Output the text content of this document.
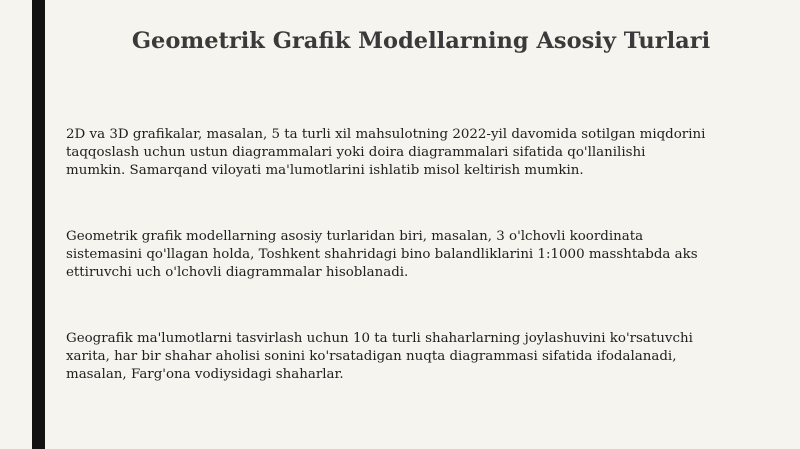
Geometrik Grafik Modellarning Asosiy Turlari

2D va 3D grafikalar, masalan, 5 ta turli xil mahsulotning 2022-yil davomida sotilgan miqdorini
taqqoslash uchun ustun diagrammalari yoki doira diagrammalari sifatida qo'llanilishi
mumkin. Samarqand viloyati ma'lumotlarini ishlatib misol keltirish mumkin.

Geometrik grafik modellarning asosiy turlaridan biri, masalan, 3 o'lchovli koordinata
sistemasini qo'llagan holda, Toshkent shahridagi bino balandliklarini 1:1000 masshtabda aks
ettiruvchi uch o'lchovli diagrammalar hisoblanadi.

Geografik ma'lumotlarni tasvirlash uchun 10 ta turli shaharlarning joylashuvini ko'rsatuvchi
xarita, har bir shahar aholisi sonini ko'rsatadigan nuqta diagrammasi sifatida ifodalanadi,
masalan, Farg'ona vodiysidagi shaharlar.
